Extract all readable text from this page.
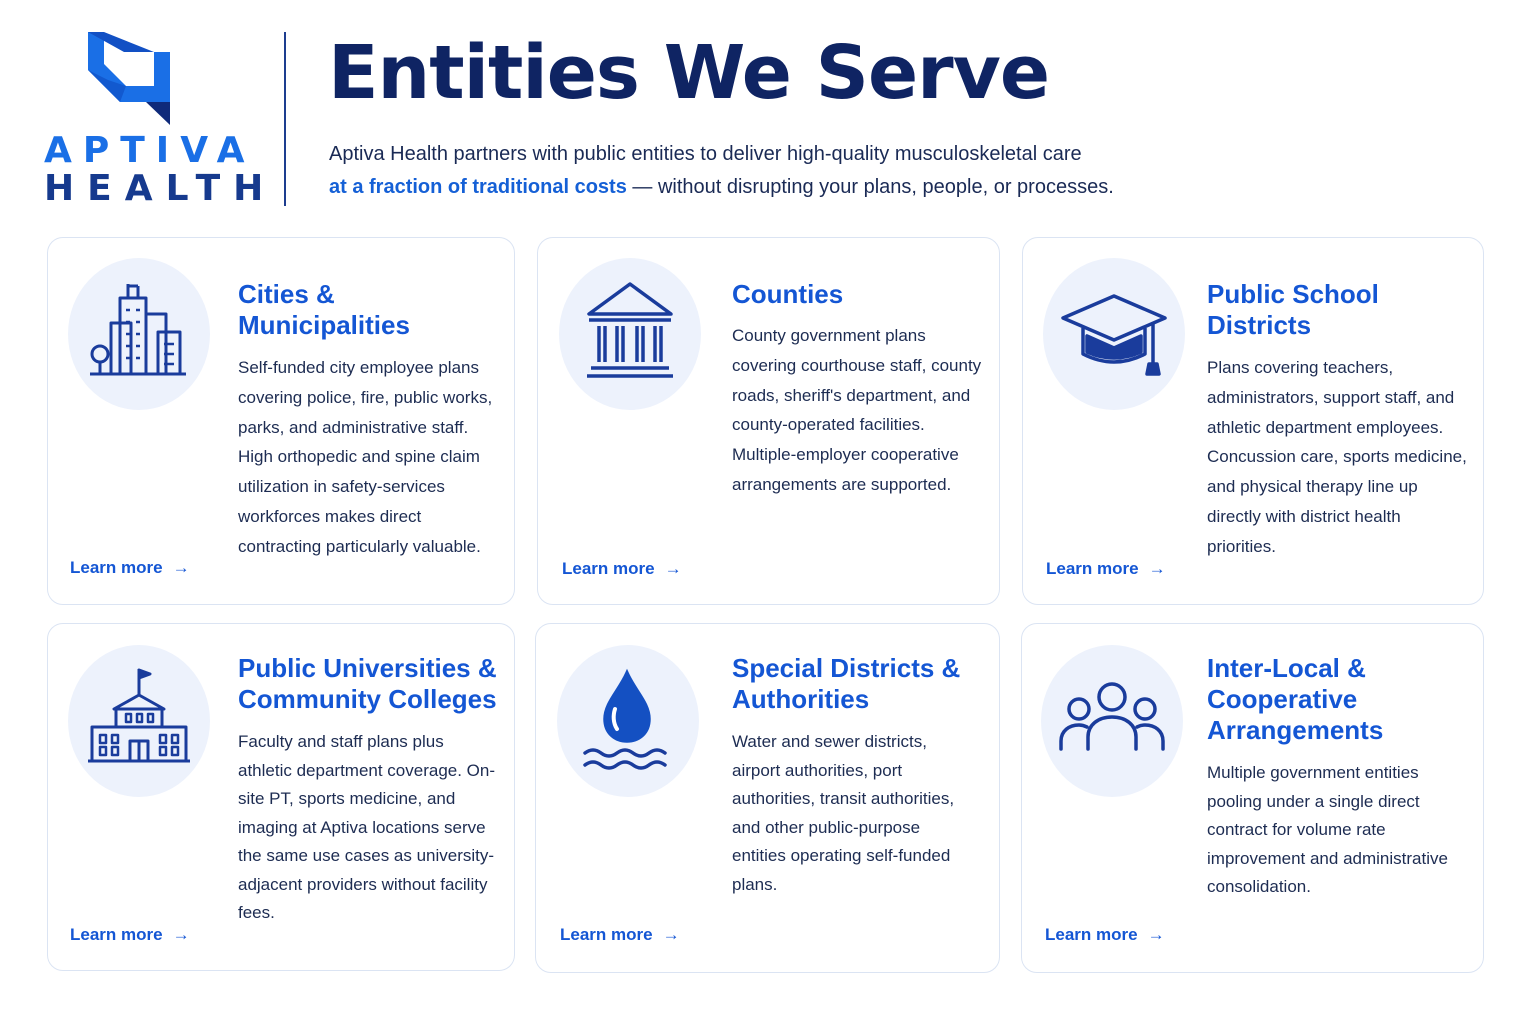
APTIVA
HEALTH
Entities We Serve

Aptiva Health partners with public entities to deliver high-quality musculoskeletal care
at a fraction of traditional costs — without disrupting your plans, people, or processes.

Cities & Municipalities

Self-funded city employee plans covering police, fire, public works, parks, and administrative staff. High orthopedic and spine claim utilization in safety-services workforces makes direct contracting particularly valuable.

Learn more →
Counties

County government plans covering courthouse staff, county roads, sheriff's department, and county-operated facilities. Multiple-employer cooperative arrangements are supported.

Learn more →
Public School Districts

Plans covering teachers, administrators, support staff, and athletic department employees. Concussion care, sports medicine, and physical therapy line up directly with district health priorities.

Learn more →
Public Universities & Community Colleges

Faculty and staff plans plus athletic department coverage. On-site PT, sports medicine, and imaging at Aptiva locations serve the same use cases as university-adjacent providers without facility fees.

Learn more →
Special Districts & Authorities

Water and sewer districts, airport authorities, port authorities, transit authorities, and other public-purpose entities operating self-funded plans.

Learn more →
Inter-Local & Cooperative Arrangements

Multiple government entities pooling under a single direct contract for volume rate improvement and administrative consolidation.

Learn more →
